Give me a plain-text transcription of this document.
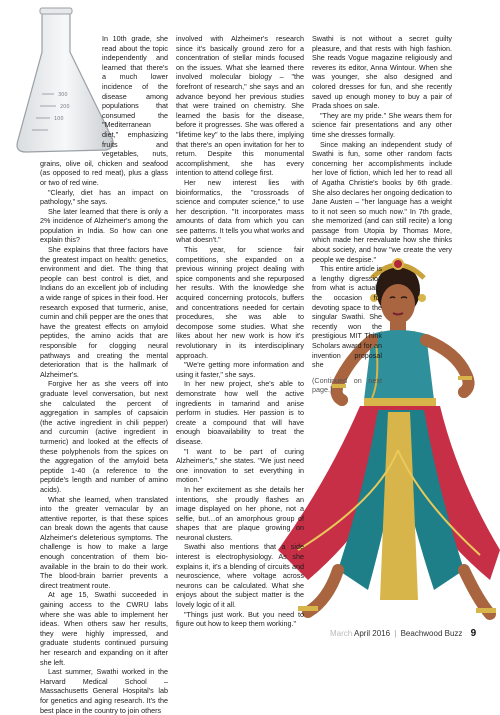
300
200
100

In 10th grade, she read about the topic independently and learned that there's a much lower incidence of the disease among populations that consumed the "Mediterranean diet," emphasizing fruits and vegetables, nuts, grains, olive oil, chicken and seafood (as opposed to red meat), plus a glass or two of red wine.

"Clearly, diet has an impact on pathology," she says.

She later learned that there is only a 2% incidence of Alzheimer's among the population in India. So how can one explain this?

She explains that three factors have the greatest impact on health: genetics, environment and diet. The thing that people can best control is diet, and Indians do an excellent job of including a wide range of spices in their food. Her research exposed that turmeric, anise, cumin and chili pepper are the ones that have the greatest effects on amyloid peptides, the amino acids that are responsible for clogging neural pathways and creating the mental deterioration that is the hallmark of Alzheimer's.

Forgive her as she veers off into graduate level conversation, but next she calculated the percent of aggregation in samples of capsaicin (the active ingredient in chili pepper) and curcumin (active ingredient in turmeric) and looked at the effects of these polyphenols from the spices on the aggregation of the amyloid beta peptide 1-40 (a reference to the peptide's length and number of amino acids).

What she learned, when translated into the greater vernacular by an attentive reporter, is that these spices can break down the agents that cause Alzheimer's deleterious symptoms. The challenge is how to make a large enough concentration of them bio-available in the brain to do their work. The blood-brain barrier prevents a direct treatment route.

At age 15, Swathi succeeded in gaining access to the CWRU labs where she was able to implement her ideas. When others saw her results, they were highly impressed, and graduate students continued pursuing her research and expanding on it after she left.

Last summer, Swathi worked in the Harvard Medical School – Massachusetts General Hospital's lab for genetics and aging research. It's the best place in the country to join others

involved with Alzheimer's research since it's basically ground zero for a concentration of stellar minds focused on the issues. What she learned there involved molecular biology – "the forefront of research," she says and an advance beyond her previous studies that were trained on chemistry. She learned the basis for the disease, before it progresses. She was offered a "lifetime key" to the labs there, implying that there's an open invitation for her to return. Despite this monumental accomplishment, she has every intention to attend college first.

Her new interest lies with bioinformatics, the "crossroads of science and computer science," to use her description. "It incorporates mass amounts of data from which you can see patterns. It tells you what works and what doesn't."

This year, for science fair competitions, she expanded on a previous winning project dealing with spice components and she repurposed her results. With the knowledge she acquired concerning protocols, buffers and concentrations needed for certain procedures, she was able to decompose some studies. What she likes about her new work is how it's revolutionary in its interdisciplinary approach.

"We're getting more information and using it faster," she says.

In her new project, she's able to demonstrate how well the active ingredients in tamarind and anise perform in studies. Her passion is to create a compound that will have enough bioavailability to treat the disease.

"I want to be part of curing Alzheimer's," she states. "We just need one innovation to set everything in motion."

In her excitement as she details her intentions, she proudly flashes an image displayed on her phone, not a selfie, but…of an amorphous group of shapes that are plaque growing on neuronal clusters.

Swathi also mentions that a side interest is electrophysiology. As she explains it, it's a blending of circuits and neuroscience, where voltage across neurons can be calculated. What she enjoys about the subject matter is the lovely logic of it all.

"Things just work. But you need to figure out how to keep them working."

Swathi is not without a secret guilty pleasure, and that rests with high fashion. She reads Vogue magazine religiously and reveres its editor, Anna Wintour. When she was younger, she also designed and colored dresses for fun, and she recently saved up enough money to buy a pair of Prada shoes on sale.

"They are my pride." She wears them for science fair presentations and any other time she dresses formally.

Since making an independent study of Swathi is fun, some other random facts concerning her accomplishments include her love of fiction, which led her to read all of Agatha Christie's books by 6th grade. She also declares her ongoing dedication to Jane Austen – "her language has a weight to it not seen so much now." In 7th grade, she memorized (and can still recite) a long passage from Utopia by Thomas More, which made her reevaluate how she thinks about society, and how "we create the very people we despise."

This entire article is a lengthy digression from what is actually the occasion for devoting space to the singular Swathi. She recently won the prestigious MIT Think Scholars award for an invention proposal she

(Continued on next page.)
March April 2016 | Beachwood Buzz 9
